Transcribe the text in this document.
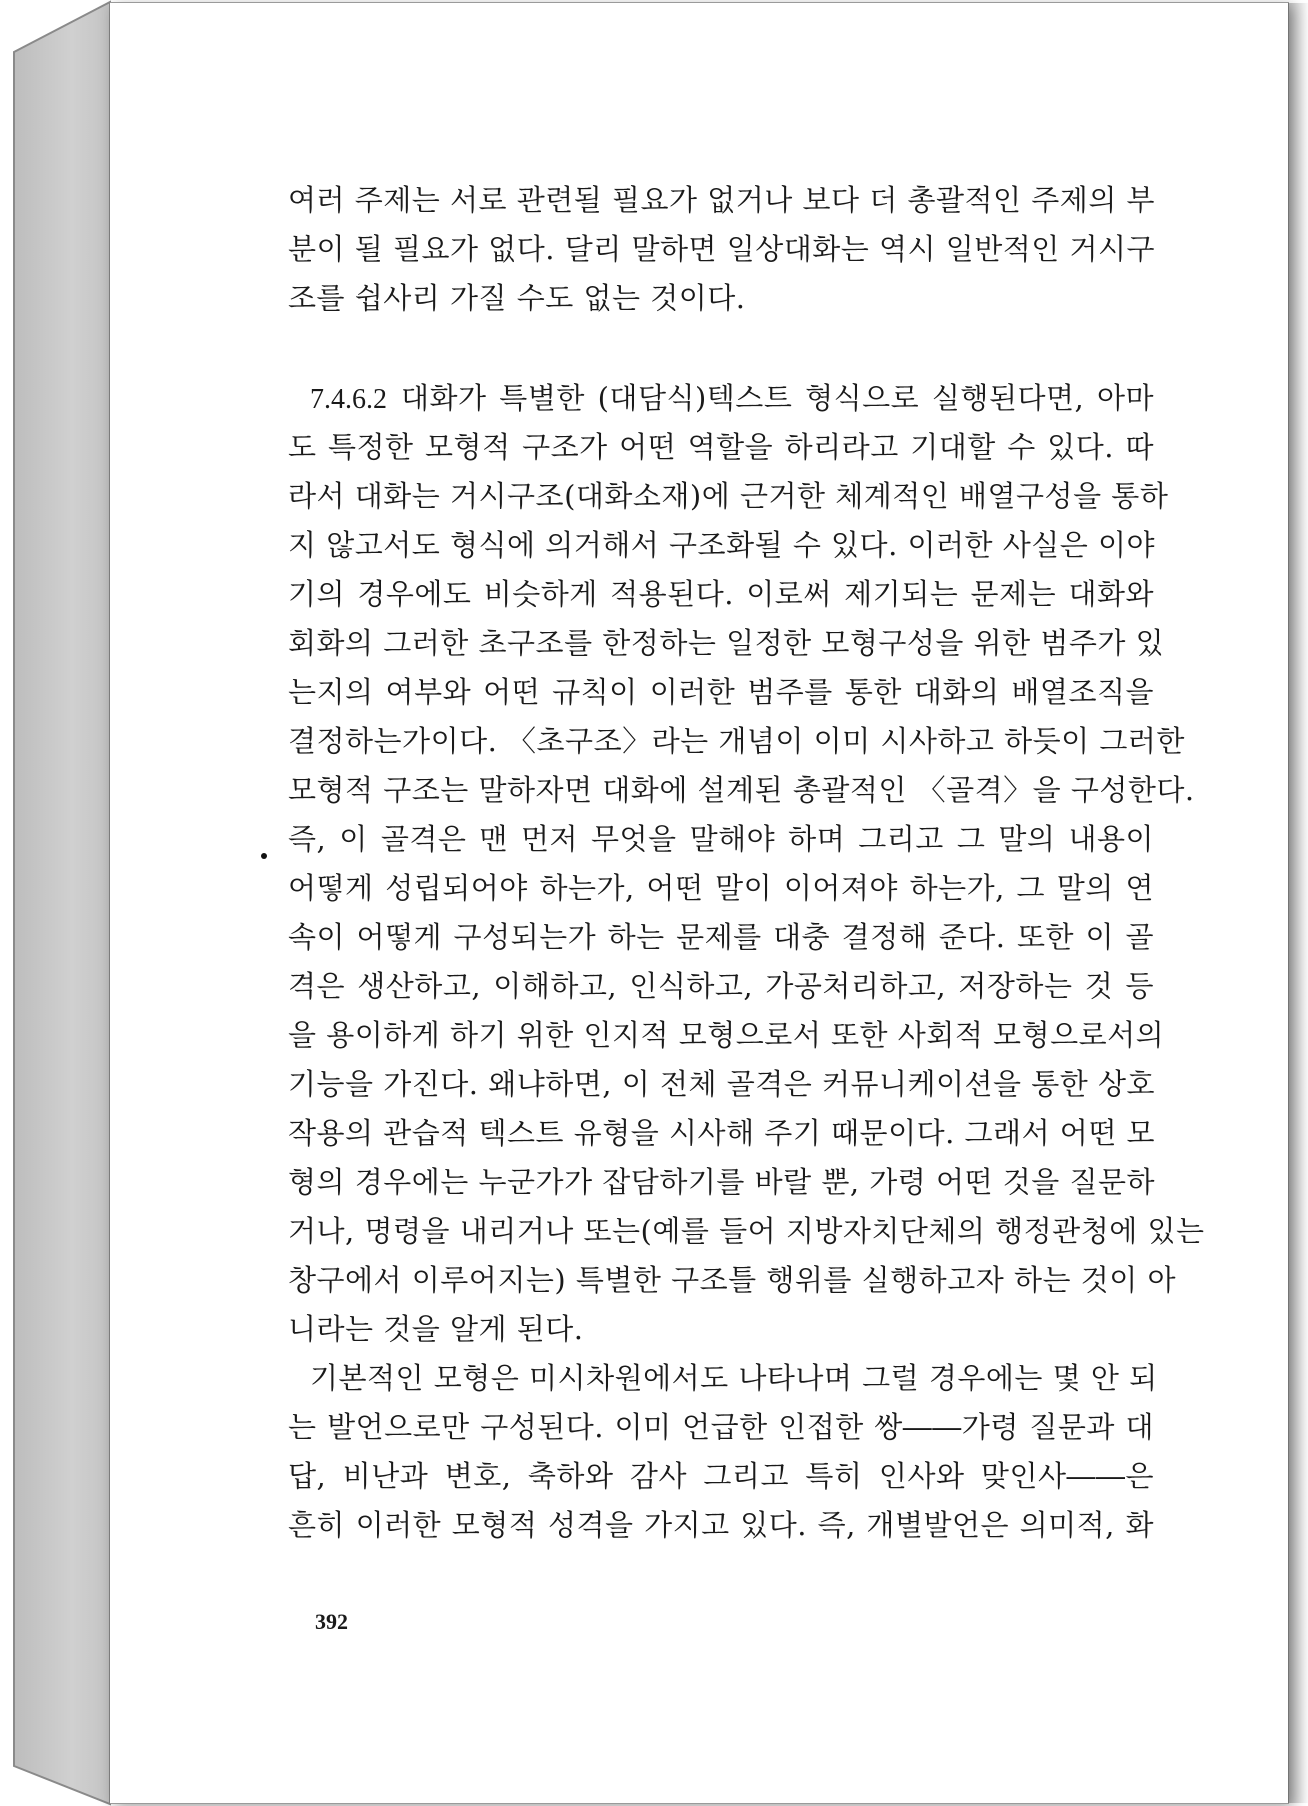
여러 주제는 서로 관련될 필요가 없거나 보다 더 총괄적인 주제의 부
분이 될 필요가 없다. 달리 말하면 일상대화는 역시 일반적인 거시구
조를 쉽사리 가질 수도 없는 것이다.
7.4.6.2 대화가 특별한 (대담식)텍스트 형식으로 실행된다면, 아마
도 특정한 모형적 구조가 어떤 역할을 하리라고 기대할 수 있다. 따
라서 대화는 거시구조(대화소재)에 근거한 체계적인 배열구성을 통하
지 않고서도 형식에 의거해서 구조화될 수 있다. 이러한 사실은 이야
기의 경우에도 비슷하게 적용된다. 이로써 제기되는 문제는 대화와
회화의 그러한 초구조를 한정하는 일정한 모형구성을 위한 범주가 있
는지의 여부와 어떤 규칙이 이러한 범주를 통한 대화의 배열조직을
결정하는가이다. 〈초구조〉라는 개념이 이미 시사하고 하듯이 그러한
모형적 구조는 말하자면 대화에 설계된 총괄적인 〈골격〉을 구성한다.
즉, 이 골격은 맨 먼저 무엇을 말해야 하며 그리고 그 말의 내용이
어떻게 성립되어야 하는가, 어떤 말이 이어져야 하는가, 그 말의 연
속이 어떻게 구성되는가 하는 문제를 대충 결정해 준다. 또한 이 골
격은 생산하고, 이해하고, 인식하고, 가공처리하고, 저장하는 것 등
을 용이하게 하기 위한 인지적 모형으로서 또한 사회적 모형으로서의
기능을 가진다. 왜냐하면, 이 전체 골격은 커뮤니케이션을 통한 상호
작용의 관습적 텍스트 유형을 시사해 주기 때문이다. 그래서 어떤 모
형의 경우에는 누군가가 잡담하기를 바랄 뿐, 가령 어떤 것을 질문하
거나, 명령을 내리거나 또는(예를 들어 지방자치단체의 행정관청에 있는
창구에서 이루어지는) 특별한 구조틀 행위를 실행하고자 하는 것이 아
니라는 것을 알게 된다.
기본적인 모형은 미시차원에서도 나타나며 그럴 경우에는 몇 안 되
는 발언으로만 구성된다. 이미 언급한 인접한 쌍――가령 질문과 대
답, 비난과 변호, 축하와 감사 그리고 특히 인사와 맞인사――은
흔히 이러한 모형적 성격을 가지고 있다. 즉, 개별발언은 의미적, 화
392
